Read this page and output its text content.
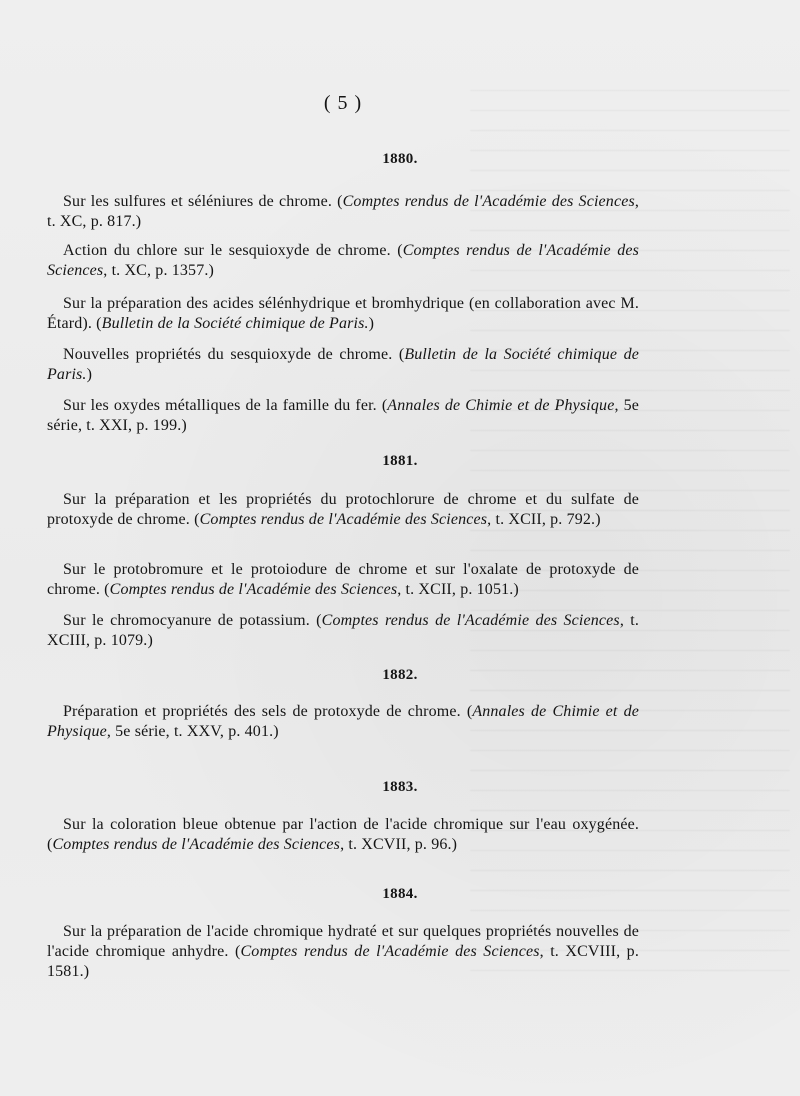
( 5 )
1880.
Sur les sulfures et séléniures de chrome. (Comptes rendus de l'Académie des Sciences, t. XC, p. 817.)
Action du chlore sur le sesquioxyde de chrome. (Comptes rendus de l'Académie des Sciences, t. XC, p. 1357.)
Sur la préparation des acides sélénhydrique et bromhydrique (en collaboration avec M. Étard). (Bulletin de la Société chimique de Paris.)
Nouvelles propriétés du sesquioxyde de chrome. (Bulletin de la Société chimique de Paris.)
Sur les oxydes métalliques de la famille du fer. (Annales de Chimie et de Physique, 5e série, t. XXI, p. 199.)
1881.
Sur la préparation et les propriétés du protochlorure de chrome et du sulfate de protoxyde de chrome. (Comptes rendus de l'Académie des Sciences, t. XCII, p. 792.)
Sur le protobromure et le protoiodure de chrome et sur l'oxalate de protoxyde de chrome. (Comptes rendus de l'Académie des Sciences, t. XCII, p. 1051.)
Sur le chromocyanure de potassium. (Comptes rendus de l'Académie des Sciences, t. XCIII, p. 1079.)
1882.
Préparation et propriétés des sels de protoxyde de chrome. (Annales de Chimie et de Physique, 5e série, t. XXV, p. 401.)
1883.
Sur la coloration bleue obtenue par l'action de l'acide chromique sur l'eau oxygénée. (Comptes rendus de l'Académie des Sciences, t. XCVII, p. 96.)
1884.
Sur la préparation de l'acide chromique hydraté et sur quelques propriétés nouvelles de l'acide chromique anhydre. (Comptes rendus de l'Académie des Sciences, t. XCVIII, p. 1581.)
